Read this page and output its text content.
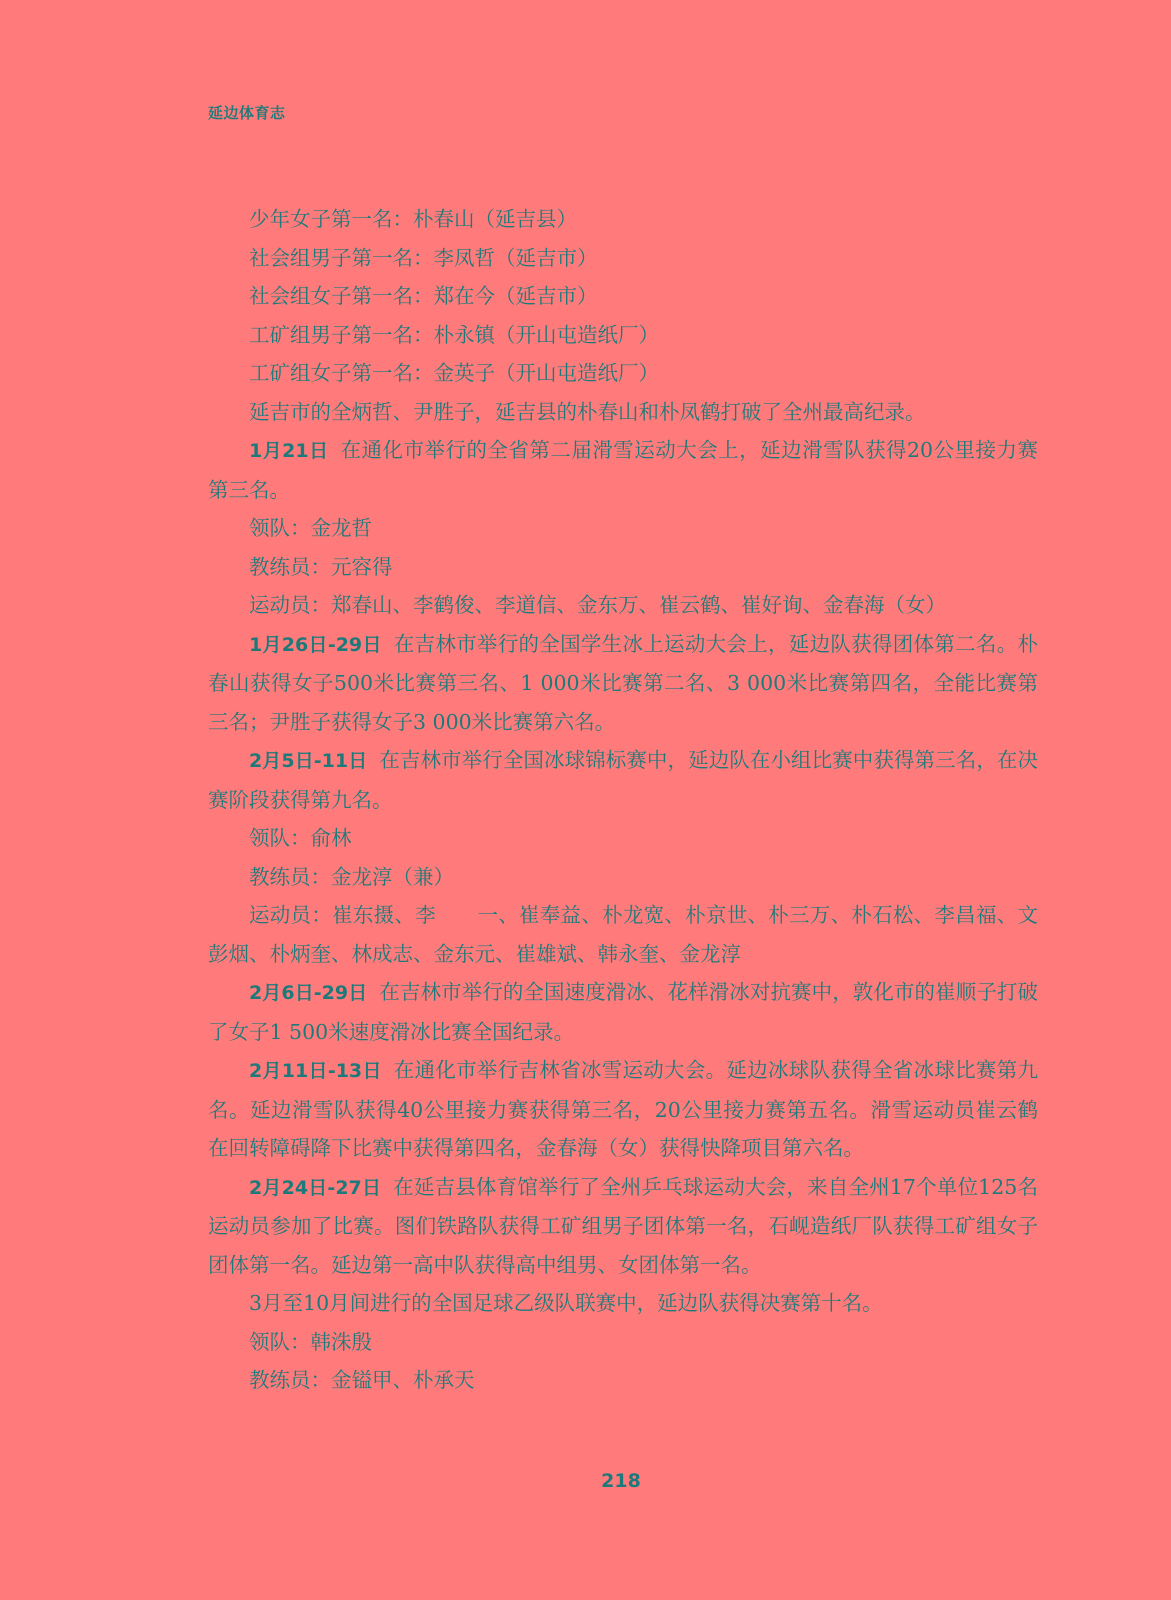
延边体育志

少年女子第一名：朴春山（延吉县）

社会组男子第一名：李凤哲（延吉市）

社会组女子第一名：郑在今（延吉市）

工矿组男子第一名：朴永镇（开山屯造纸厂）

工矿组女子第一名：金英子（开山屯造纸厂）

延吉市的全炳哲、尹胜子，延吉县的朴春山和朴凤鹤打破了全州最高纪录。

1月21日 在通化市举行的全省第二届滑雪运动大会上，延边滑雪队获得20公里接力赛第三名。

领队：金龙哲

教练员：元容得

运动员：郑春山、李鹤俊、李道信、金东万、崔云鹤、崔好询、金春海（女）

1月26日-29日 在吉林市举行的全国学生冰上运动大会上，延边队获得团体第二名。朴春山获得女子500米比赛第三名、1 000米比赛第二名、3 000米比赛第四名，全能比赛第三名；尹胜子获得女子3 000米比赛第六名。

2月5日-11日 在吉林市举行全国冰球锦标赛中，延边队在小组比赛中获得第三名，在决赛阶段获得第九名。

领队：俞林

教练员：金龙淳（兼）

运动员：崔东摄、李　　一、崔奉益、朴龙宽、朴京世、朴三万、朴石松、李昌福、文彭烟、朴炳奎、林成志、金东元、崔雄斌、韩永奎、金龙淳

2月6日-29日 在吉林市举行的全国速度滑冰、花样滑冰对抗赛中，敦化市的崔顺子打破了女子1 500米速度滑冰比赛全国纪录。

2月11日-13日 在通化市举行吉林省冰雪运动大会。延边冰球队获得全省冰球比赛第九名。延边滑雪队获得40公里接力赛获得第三名，20公里接力赛第五名。滑雪运动员崔云鹤在回转障碍降下比赛中获得第四名，金春海（女）获得快降项目第六名。

2月24日-27日 在延吉县体育馆举行了全州乒乓球运动大会，来自全州17个单位125名运动员参加了比赛。图们铁路队获得工矿组男子团体第一名，石岘造纸厂队获得工矿组女子团体第一名。延边第一高中队获得高中组男、女团体第一名。

3月至10月间进行的全国足球乙级队联赛中，延边队获得决赛第十名。

领队：韩洙殷

教练员：金镒甲、朴承天

218
